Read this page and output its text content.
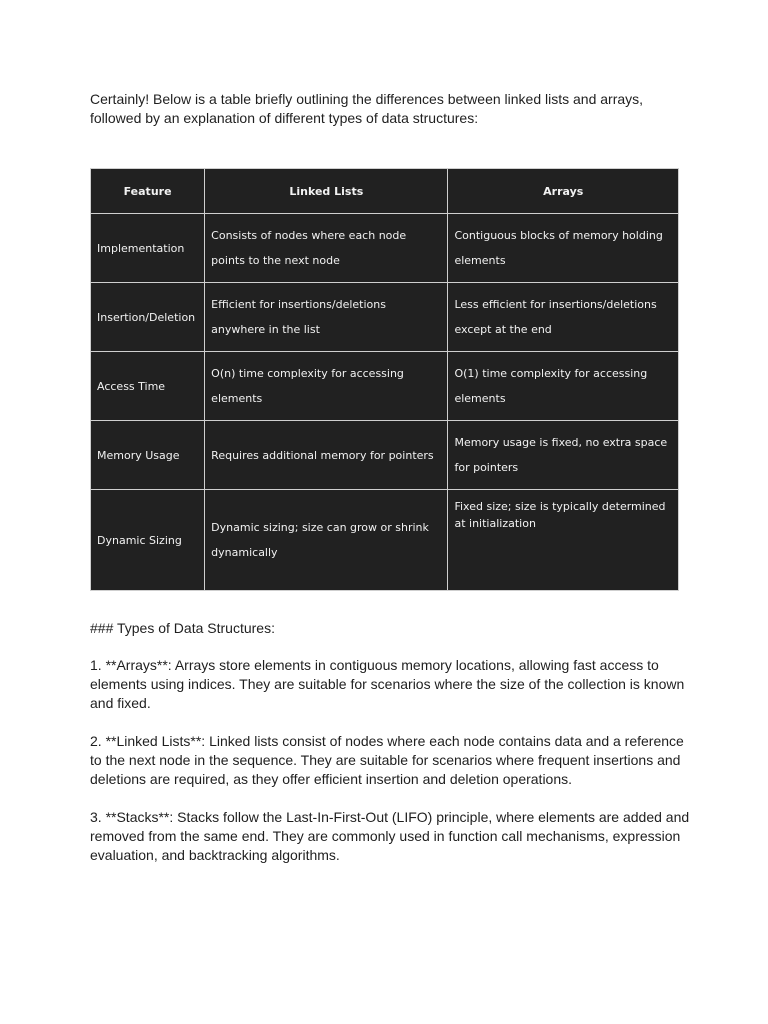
Certainly! Below is a table briefly outlining the differences between linked lists and arrays, followed by an explanation of different types of data structures:

Feature	Linked Lists	Arrays
Implementation	Consists of nodes where each node points to the next node	Contiguous blocks of memory holding elements
Insertion/Deletion	Efficient for insertions/deletions anywhere in the list	Less efficient for insertions/deletions except at the end
Access Time	O(n) time complexity for accessing elements	O(1) time complexity for accessing elements
Memory Usage	Requires additional memory for pointers	Memory usage is fixed, no extra space for pointers
Dynamic Sizing	Dynamic sizing; size can grow or shrink dynamically	Fixed size; size is typically determined at initialization

### Types of Data Structures:

1. **Arrays**: Arrays store elements in contiguous memory locations, allowing fast access to elements using indices. They are suitable for scenarios where the size of the collection is known and fixed.

2. **Linked Lists**: Linked lists consist of nodes where each node contains data and a reference to the next node in the sequence. They are suitable for scenarios where frequent insertions and deletions are required, as they offer efficient insertion and deletion operations.

3. **Stacks**: Stacks follow the Last-In-First-Out (LIFO) principle, where elements are added and removed from the same end. They are commonly used in function call mechanisms, expression evaluation, and backtracking algorithms.
